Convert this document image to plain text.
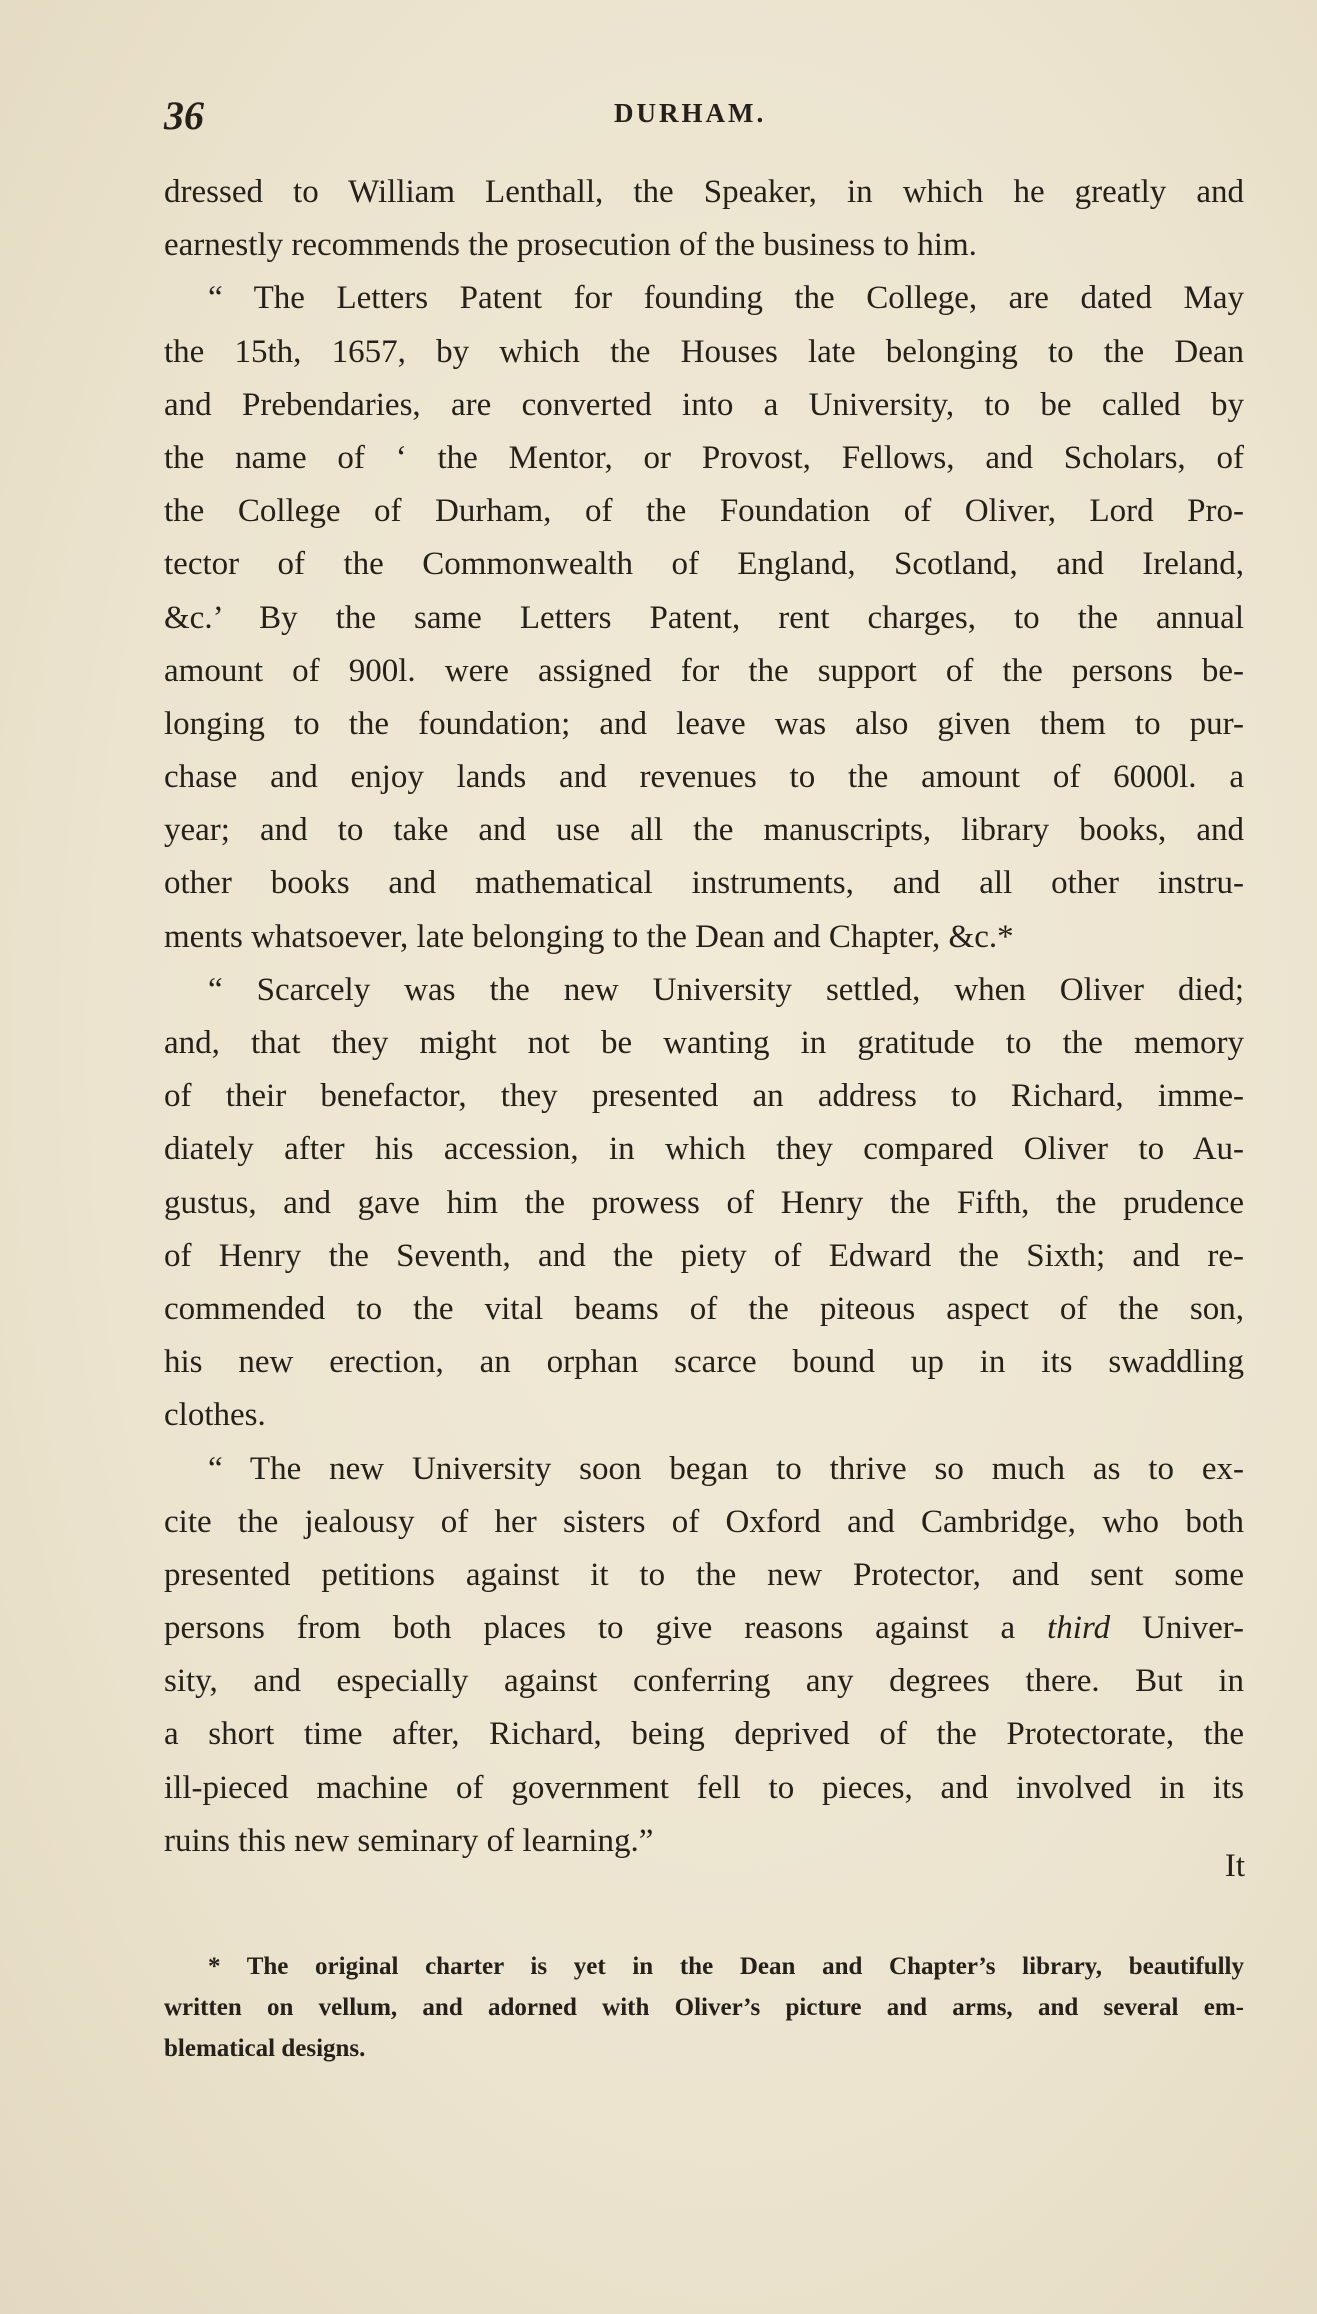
36	DURHAM.
dressed to William Lenthall, the Speaker, in which he greatly and
earnestly recommends the prosecution of the business to him.
“ The Letters Patent for founding the College, are dated May
the 15th, 1657, by which the Houses late belonging to the Dean
and Prebendaries, are converted into a University, to be called by
the name of ‘ the Mentor, or Provost, Fellows, and Scholars, of
the College of Durham, of the Foundation of Oliver, Lord Pro-
tector of the Commonwealth of England, Scotland, and Ireland,
&c.’ By the same Letters Patent, rent charges, to the annual
amount of 900l. were assigned for the support of the persons be-
longing to the foundation; and leave was also given them to pur-
chase and enjoy lands and revenues to the amount of 6000l. a
year; and to take and use all the manuscripts, library books, and
other books and mathematical instruments, and all other instru-
ments whatsoever, late belonging to the Dean and Chapter, &c.*
“ Scarcely was the new University settled, when Oliver died;
and, that they might not be wanting in gratitude to the memory
of their benefactor, they presented an address to Richard, imme-
diately after his accession, in which they compared Oliver to Au-
gustus, and gave him the prowess of Henry the Fifth, the prudence
of Henry the Seventh, and the piety of Edward the Sixth; and re-
commended to the vital beams of the piteous aspect of the son,
his new erection, an orphan scarce bound up in its swaddling
clothes.
“ The new University soon began to thrive so much as to ex-
cite the jealousy of her sisters of Oxford and Cambridge, who both
presented petitions against it to the new Protector, and sent some
persons from both places to give reasons against a third Univer-
sity, and especially against conferring any degrees there. But in
a short time after, Richard, being deprived of the Protectorate, the
ill-pieced machine of government fell to pieces, and involved in its
ruins this new seminary of learning.”
It
* The original charter is yet in the Dean and Chapter’s library, beautifully
written on vellum, and adorned with Oliver’s picture and arms, and several em-
blematical designs.
